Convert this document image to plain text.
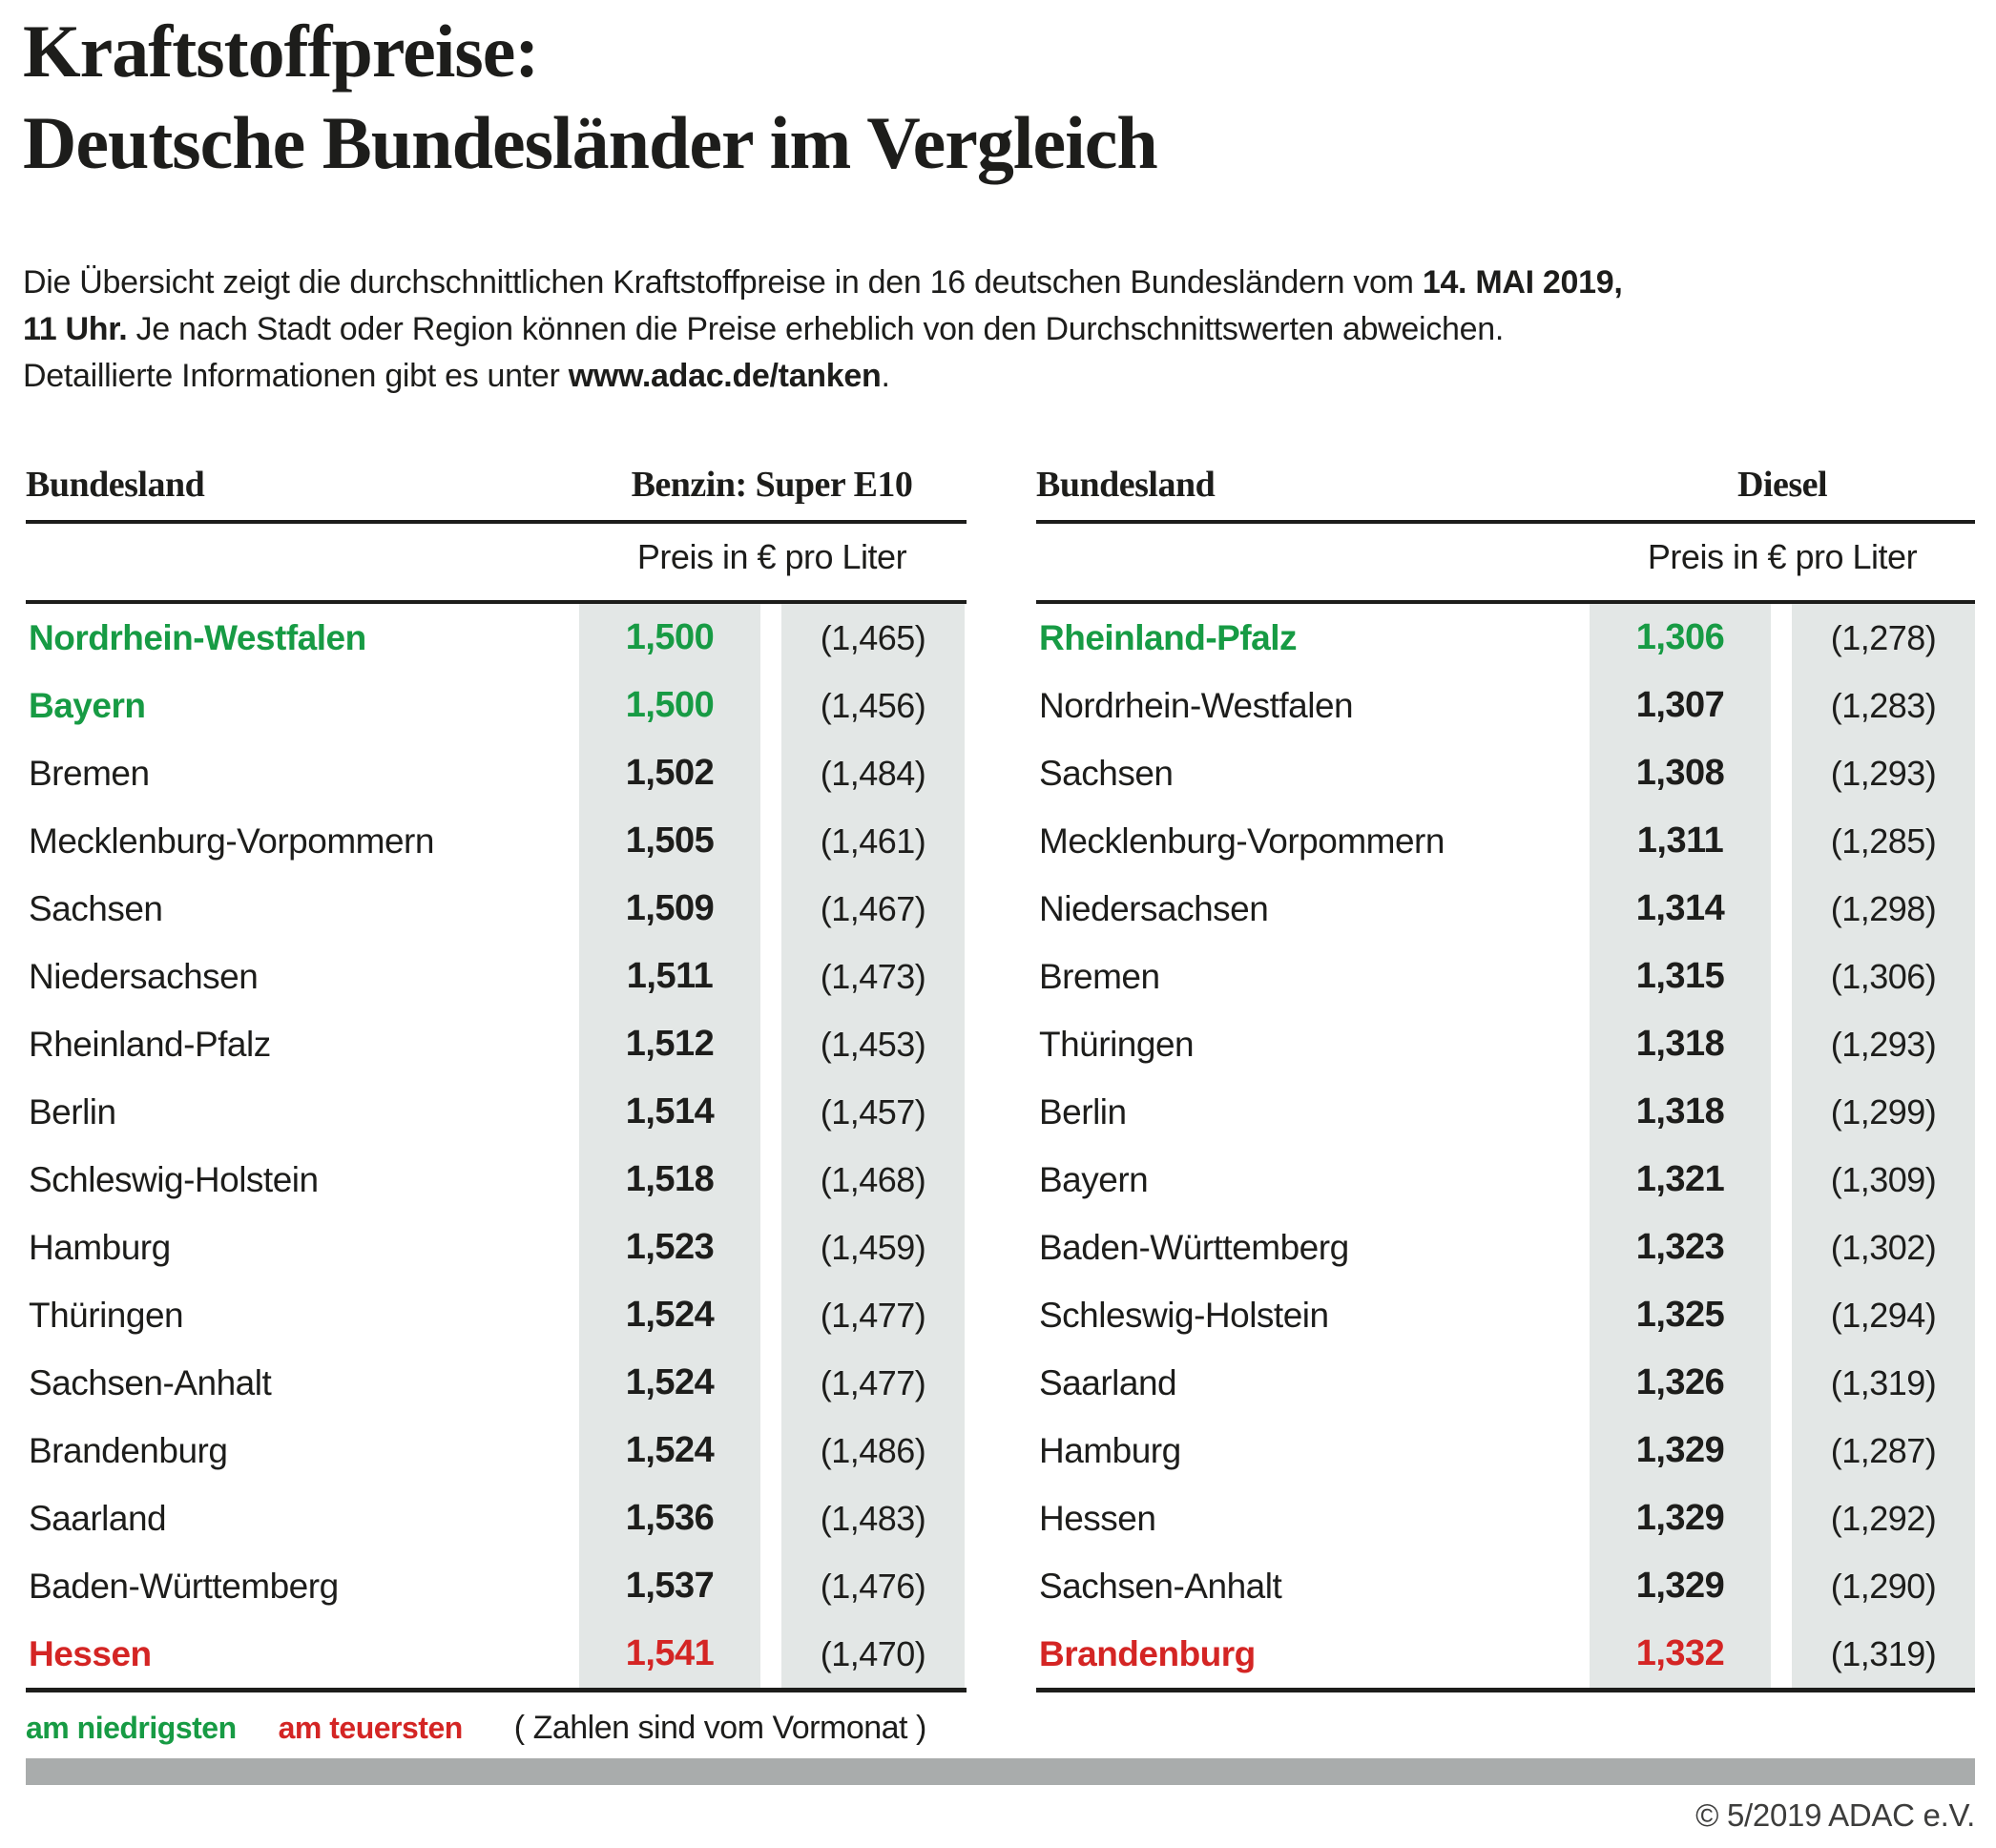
Kraftstoffpreise:
Deutsche Bundesländer im Vergleich
Die Übersicht zeigt die durchschnittlichen Kraftstoffpreise in den 16 deutschen Bundesländern vom 14. MAI 2019,
11 Uhr. Je nach Stadt oder Region können die Preise erheblich von den Durchschnittswerten abweichen.
Detaillierte Informationen gibt es unter www.adac.de/tanken.
Bundesland	Benzin: Super E10
Preis in € pro Liter
Nordrhein-Westfalen	1,500	(1,465)
Bayern	1,500	(1,456)
Bremen	1,502	(1,484)
Mecklenburg-Vorpommern	1,505	(1,461)
Sachsen	1,509	(1,467)
Niedersachsen	1,511	(1,473)
Rheinland-Pfalz	1,512	(1,453)
Berlin	1,514	(1,457)
Schleswig-Holstein	1,518	(1,468)
Hamburg	1,523	(1,459)
Thüringen	1,524	(1,477)
Sachsen-Anhalt	1,524	(1,477)
Brandenburg	1,524	(1,486)
Saarland	1,536	(1,483)
Baden-Württemberg	1,537	(1,476)
Hessen	1,541	(1,470)
Bundesland	Diesel
Preis in € pro Liter
Rheinland-Pfalz	1,306	(1,278)
Nordrhein-Westfalen	1,307	(1,283)
Sachsen	1,308	(1,293)
Mecklenburg-Vorpommern	1,311	(1,285)
Niedersachsen	1,314	(1,298)
Bremen	1,315	(1,306)
Thüringen	1,318	(1,293)
Berlin	1,318	(1,299)
Bayern	1,321	(1,309)
Baden-Württemberg	1,323	(1,302)
Schleswig-Holstein	1,325	(1,294)
Saarland	1,326	(1,319)
Hamburg	1,329	(1,287)
Hessen	1,329	(1,292)
Sachsen-Anhalt	1,329	(1,290)
Brandenburg	1,332	(1,319)
am niedrigsten am teuersten ( Zahlen sind vom Vormonat )
© 5/2019 ADAC e.V.
